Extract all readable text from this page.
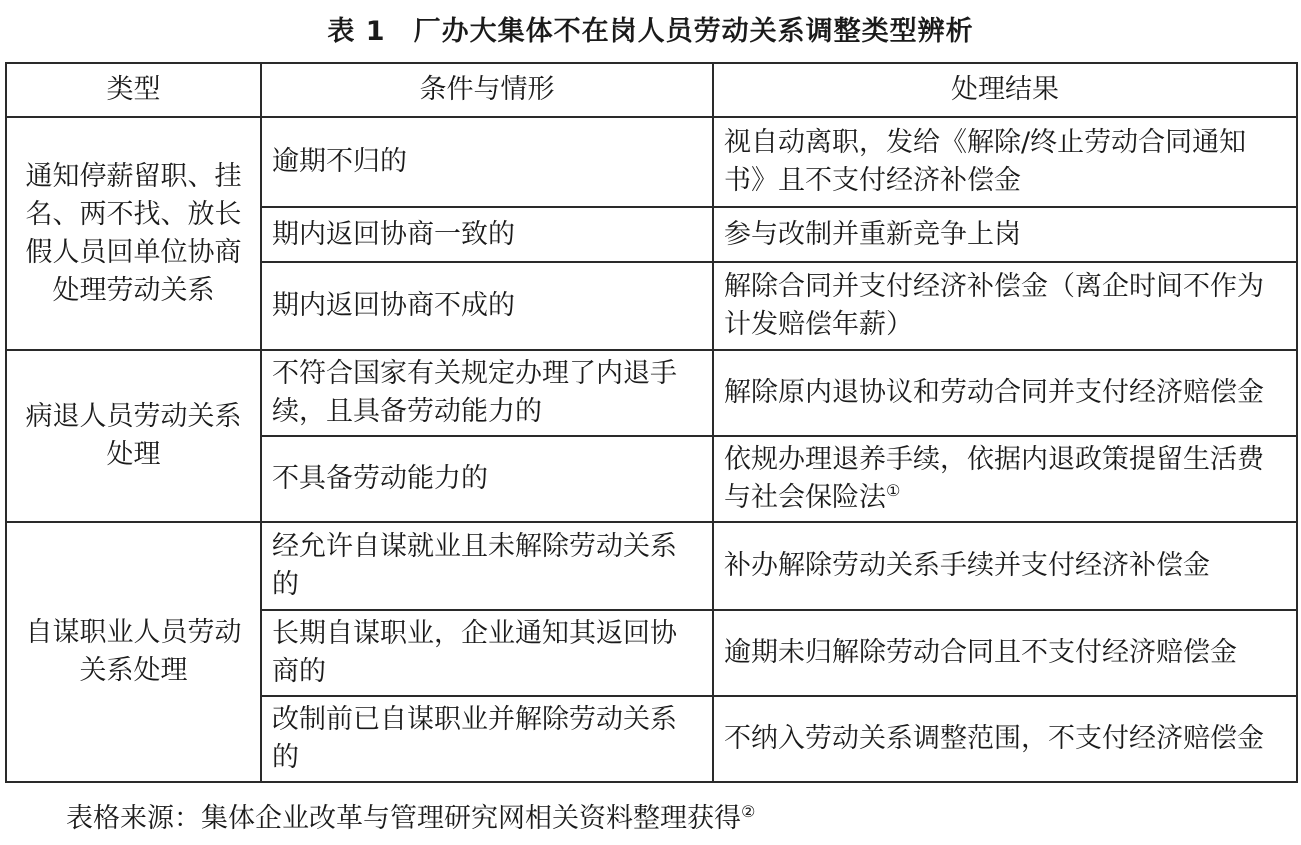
表 1　厂办大集体不在岗人员劳动关系调整类型辨析
类型	条件与情形	处理结果
通知停薪留职、挂名、两不找、放长假人员回单位协商处理劳动关系	逾期不归的	视自动离职，发给《解除/终止劳动合同通知书》且不支付经济补偿金
	期内返回协商一致的	参与改制并重新竞争上岗
	期内返回协商不成的	解除合同并支付经济补偿金（离企时间不作为计发赔偿年薪）
病退人员劳动关系处理	不符合国家有关规定办理了内退手续，且具备劳动能力的	解除原内退协议和劳动合同并支付经济赔偿金
	不具备劳动能力的	依规办理退养手续，依据内退政策提留生活费与社会保险法①
自谋职业人员劳动关系处理	经允许自谋就业且未解除劳动关系的	补办解除劳动关系手续并支付经济补偿金
	长期自谋职业，企业通知其返回协商的	逾期未归解除劳动合同且不支付经济赔偿金
	改制前已自谋职业并解除劳动关系的	不纳入劳动关系调整范围，不支付经济赔偿金
表格来源：集体企业改革与管理研究网相关资料整理获得②
